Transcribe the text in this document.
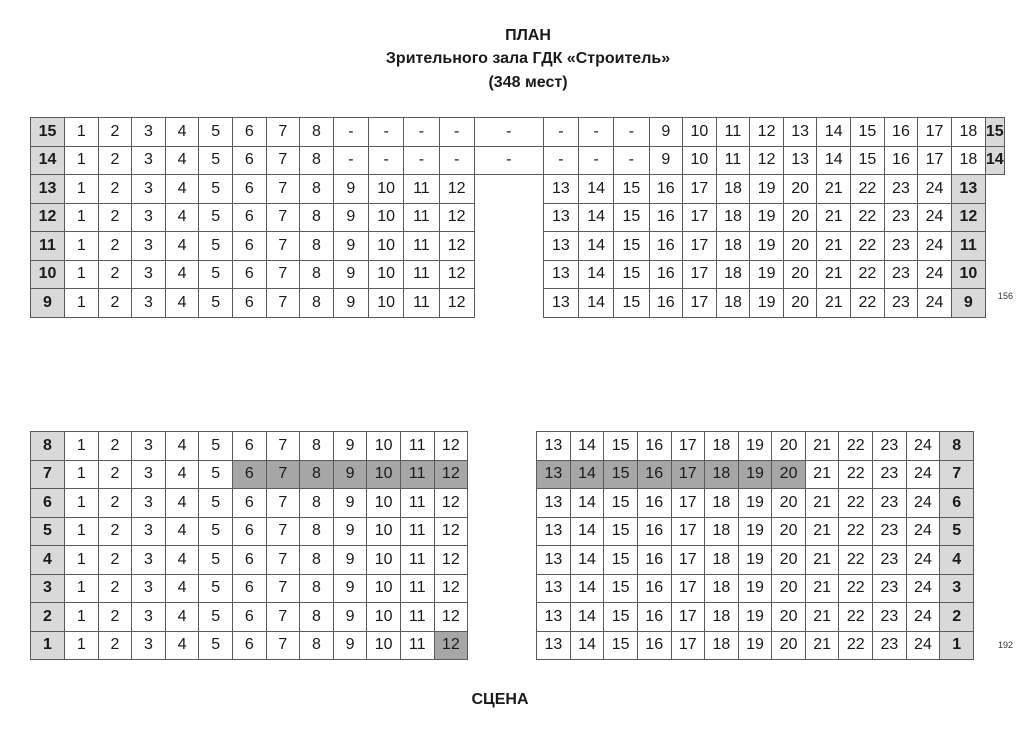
ПЛАН
Зрительного зала ГДК «Строитель»
(348 мест)
15	1	2	3	4	5	6	7	8	-	-	-	-	-	-	-	-	9	10	11	12	13	14	15	16	17	18	15
14	1	2	3	4	5	6	7	8	-	-	-	-	-	-	-	-	9	10	11	12	13	14	15	16	17	18	14
13	1	2	3	4	5	6	7	8	9	10	11	12		13	14	15	16	17	18	19	20	21	22	23	24	13	
12	1	2	3	4	5	6	7	8	9	10	11	12		13	14	15	16	17	18	19	20	21	22	23	24	12	
11	1	2	3	4	5	6	7	8	9	10	11	12		13	14	15	16	17	18	19	20	21	22	23	24	11	
10	1	2	3	4	5	6	7	8	9	10	11	12		13	14	15	16	17	18	19	20	21	22	23	24	10	
9	1	2	3	4	5	6	7	8	9	10	11	12		13	14	15	16	17	18	19	20	21	22	23	24	9		156
8	1	2	3	4	5	6	7	8	9	10	11	12		13	14	15	16	17	18	19	20	21	22	23	24	8
7	1	2	3	4	5	6	7	8	9	10	11	12		13	14	15	16	17	18	19	20	21	22	23	24	7
6	1	2	3	4	5	6	7	8	9	10	11	12		13	14	15	16	17	18	19	20	21	22	23	24	6
5	1	2	3	4	5	6	7	8	9	10	11	12		13	14	15	16	17	18	19	20	21	22	23	24	5
4	1	2	3	4	5	6	7	8	9	10	11	12		13	14	15	16	17	18	19	20	21	22	23	24	4
3	1	2	3	4	5	6	7	8	9	10	11	12		13	14	15	16	17	18	19	20	21	22	23	24	3
2	1	2	3	4	5	6	7	8	9	10	11	12		13	14	15	16	17	18	19	20	21	22	23	24	2
1	1	2	3	4	5	6	7	8	9	10	11	12		13	14	15	16	17	18	19	20	21	22	23	24	1	192
СЦЕНА
